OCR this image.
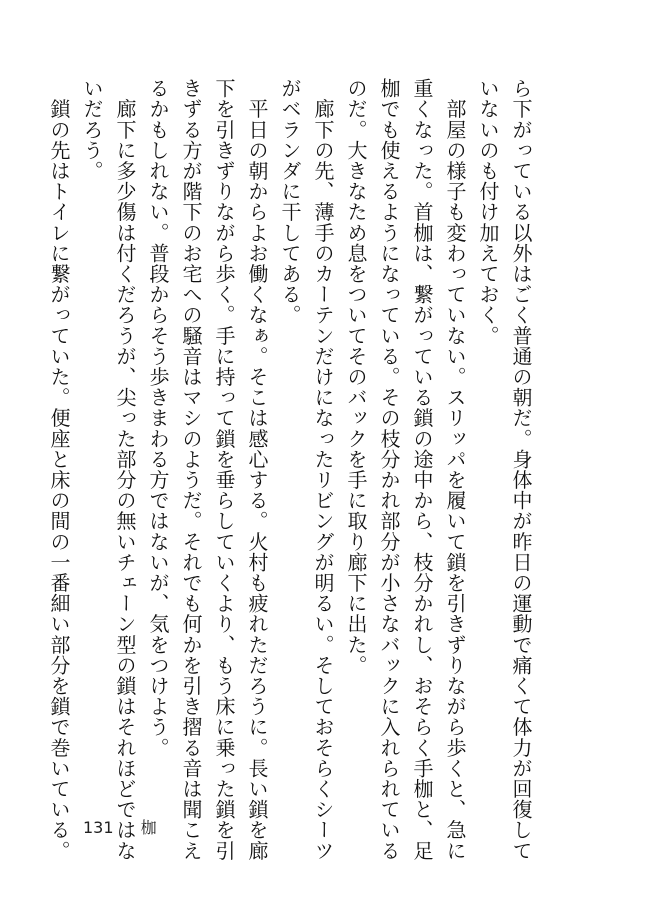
ら下がっている以外はごく普通の朝だ。身体中が昨日の運動で痛くて体力が回復して

いないのも付け加えておく。

　部屋の様子も変わっていない。スリッパを履いて鎖を引きずりながら歩くと、急に

重くなった。首枷は、繋がっている鎖の途中から、枝分かれし、おそらく手枷と、足

枷でも使えるようになっている。その枝分かれ部分が小さなバックに入れられている

のだ。大きなため息をついてそのバックを手に取り廊下に出た。

　廊下の先、薄手のカーテンだけになったリビングが明るい。そしておそらくシーツ

がベランダに干してある。

　平日の朝からよお働くなぁ。そこは感心する。火村も疲れただろうに。長い鎖を廊

下を引きずりながら歩く。手に持って鎖を垂らしていくより、もう床に乗った鎖を引

きずる方が階下のお宅への騒音はマシのようだ。それでも何かを引き摺る音は聞こえ

るかもしれない。普段からそう歩きまわる方ではないが、気をつけよう。

　廊下に多少傷は付くだろうが、尖った部分の無いチェーン型の鎖はそれほどではな

いだろう。

　鎖の先はトイレに繋がっていた。便座と床の間の一番細い部分を鎖で巻いている。 131 枷
